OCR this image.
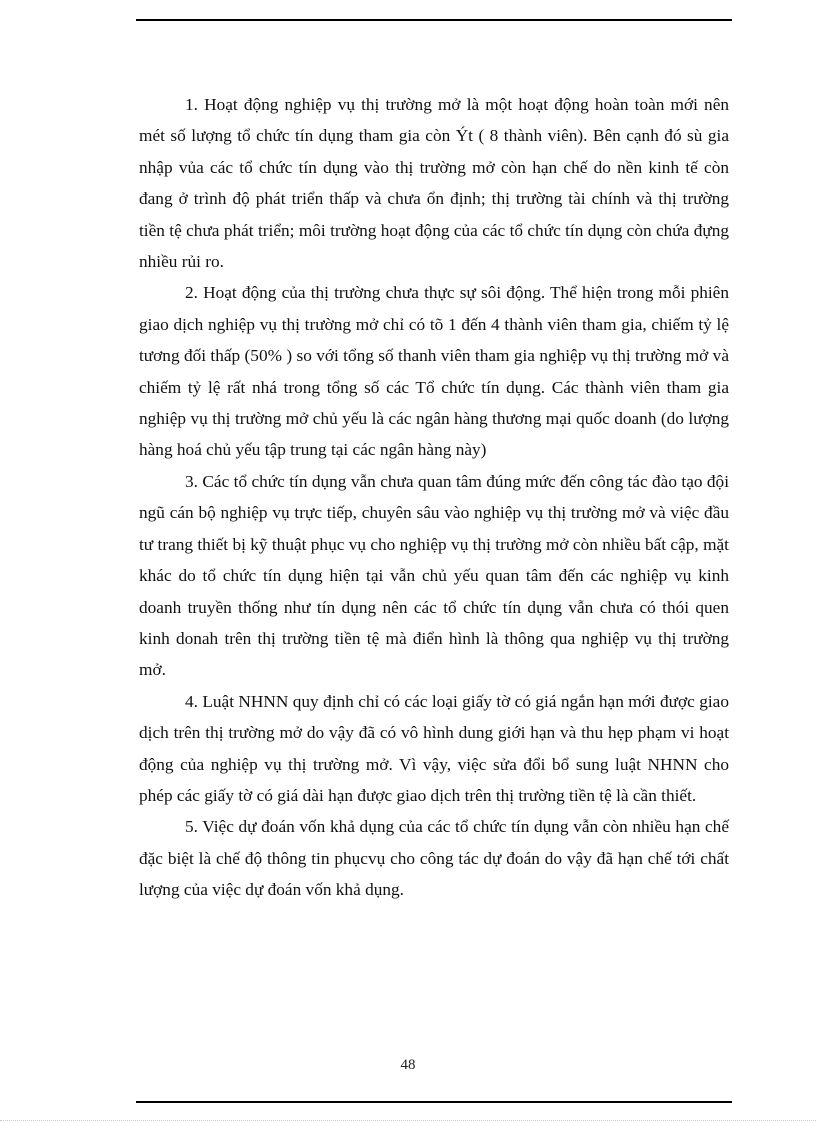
1. Hoạt động nghiệp vụ thị trường mở là một hoạt động hoàn toàn mới nên mét số lượng tổ chức tín dụng tham gia còn Ýt ( 8 thành viên). Bên cạnh đó sù gia nhập vủa các tổ chức tín dụng vào thị trường mở còn hạn chế do nền kinh tế còn đang ở trình độ phát triển thấp và chưa ổn định; thị trường tài chính và thị trường tiền tệ chưa phát triển; môi trường hoạt động của các tổ chức tín dụng còn chứa đựng nhiều rủi ro.

2. Hoạt động của thị trường chưa thực sự sôi động. Thể hiện trong mỗi phiên giao dịch nghiệp vụ thị trường mở chỉ có tõ 1 đến 4 thành viên tham gia, chiếm tỷ lệ tương đối thấp (50% ) so với tổng số thanh viên tham gia nghiệp vụ thị trường mở và chiếm tỷ lệ rất nhá trong tổng số các Tổ chức tín dụng. Các thành viên tham gia nghiệp vụ thị trường mở chủ yếu là các ngân hàng thương mại quốc doanh (do lượng hàng hoá chủ yếu tập trung tại các ngân hàng này)

3. Các tổ chức tín dụng vẫn chưa quan tâm đúng mức đến công tác đào tạo đội ngũ cán bộ nghiệp vụ trực tiếp, chuyên sâu vào nghiệp vụ thị trường mở và việc đầu tư trang thiết bị kỹ thuật phục vụ cho nghiệp vụ thị trường mở còn nhiều bất cập, mặt khác do tổ chức tín dụng hiện tại vẫn chủ yếu quan tâm đến các nghiệp vụ kinh doanh truyền thống như tín dụng nên các tổ chức tín dụng vẫn chưa có thói quen kinh donah trên thị trường tiền tệ mà điển hình là thông qua nghiệp vụ thị trường mở.

4. Luật NHNN quy định chỉ có các loại giấy tờ có giá ngắn hạn mới được giao dịch trên thị trường mở do vậy đã có vô hình dung giới hạn và thu hẹp phạm vi hoạt động của nghiệp vụ thị trường mở. Vì vậy, việc sửa đổi bổ sung luật NHNN cho phép các giấy tờ có giá dài hạn được giao dịch trên thị trường tiền tệ là cần thiết.

5. Việc dự đoán vốn khả dụng của các tổ chức tín dụng vẫn còn nhiều hạn chế đặc biệt là chế độ thông tin phụcvụ cho công tác dự đoán do vậy đã hạn chế tới chất lượng của việc dự đoán vốn khả dụng.

48
